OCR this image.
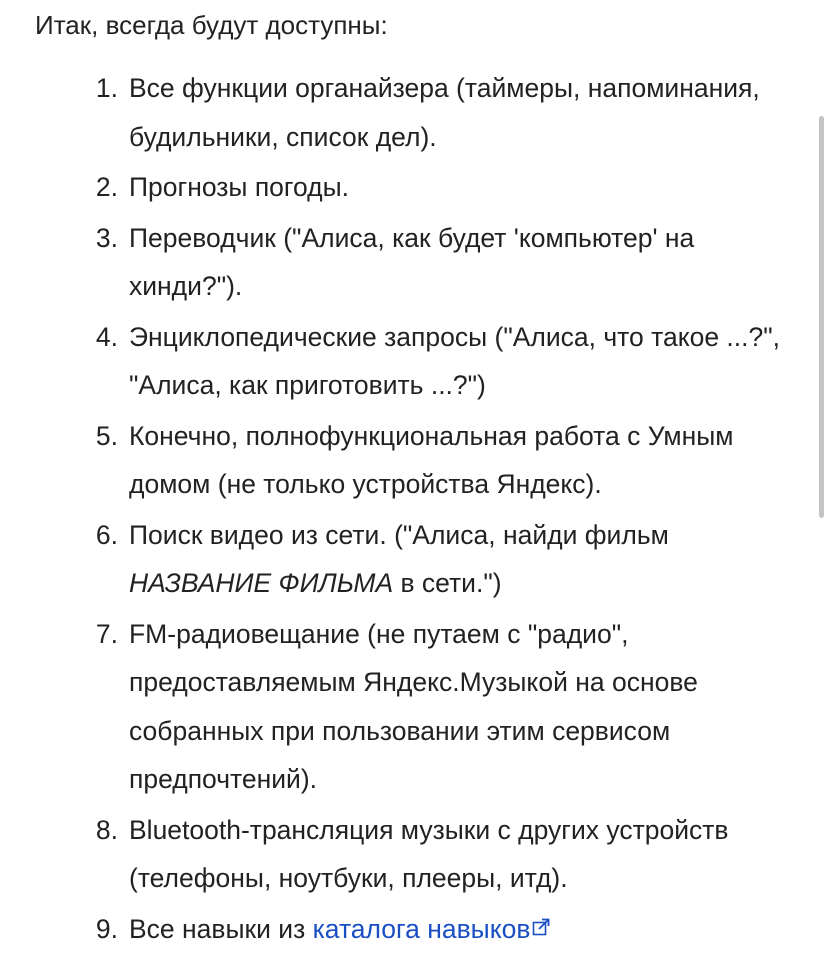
Итак, всегда будут доступны:

1. Все функции органайзера (таймеры, напоминания, будильники, список дел).
2. Прогнозы погоды.
3. Переводчик ("Алиса, как будет 'компьютер' на хинди?").
4. Энциклопедические запросы ("Алиса, что такое ...?", "Алиса, как приготовить ...?")
5. Конечно, полнофункциональная работа с Умным домом (не только устройства Яндекс).
6. Поиск видео из сети. ("Алиса, найди фильм НАЗВАНИЕ ФИЛЬМА в сети.")
7. FM-радиовещание (не путаем с "радио", предоставляемым Яндекс.Музыкой на основе собранных при пользовании этим сервисом предпочтений).
8. Bluetooth-трансляция музыки с других устройств (телефоны, ноутбуки, плееры, итд).
9. Все навыки из каталога навыков
